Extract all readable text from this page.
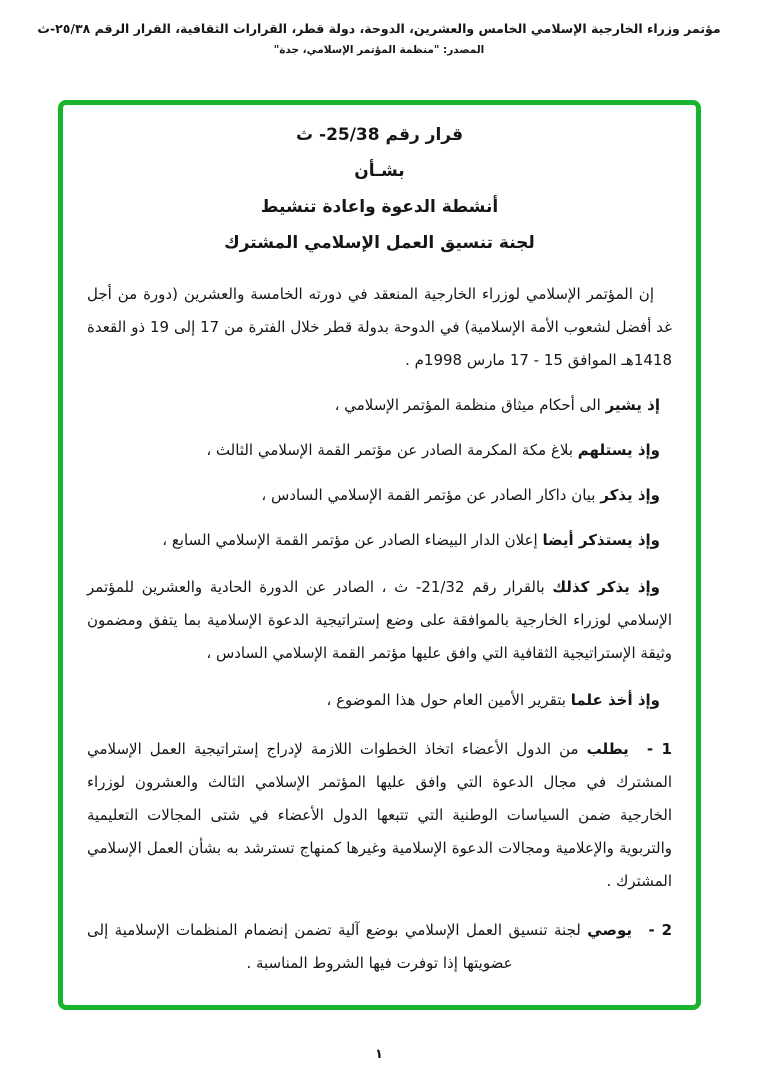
مؤتمر وزراء الخارجية الإسلامي الخامس والعشرين، الدوحة، دولة قطر، القرارات الثقافية، القرار الرقم ٢٥/٣٨-ث
المصدر: "منظمة المؤتمر الإسلامي، جدة"
قرار رقم 25/38- ث
بشـأن
أنشطة الدعوة واعادة تنشيط
لجنة تنسيق العمل الإسلامي المشترك

إن المؤتمر الإسلامي لوزراء الخارجية المنعقد في دورته الخامسة والعشرين (دورة من أجل غد أفضل لشعوب الأمة الإسلامية) في الدوحة بدولة قطر خلال الفترة من 17 إلى 19 ذو القعدة 1418هـ الموافق 15 - 17 مارس 1998م .

إذ يشير الى أحكام ميثاق منظمة المؤتمر الإسلامي ،

وإذ يستلهم بلاغ مكة المكرمة الصادر عن مؤتمر القمة الإسلامي الثالث ،

وإذ يذكر بيان داكار الصادر عن مؤتمر القمة الإسلامي السادس ،

وإذ يستذكر أيضا إعلان الدار البيضاء الصادر عن مؤتمر القمة الإسلامي السابع ،

وإذ يذكر كذلك بالقرار رقم 21/32- ث ، الصادر عن الدورة الحادية والعشرين للمؤتمر الإسلامي لوزراء الخارجية بالموافقة على وضع إستراتيجية الدعوة الإسلامية بما يتفق ومضمون وثيقة الإستراتيجية الثقافية التي وافق عليها مؤتمر القمة الإسلامي السادس ،

وإذ أخذ علما بتقرير الأمين العام حول هذا الموضوع ،

1 - يطلب من الدول الأعضاء اتخاذ الخطوات اللازمة لإدراج إستراتيجية العمل الإسلامي المشترك في مجال الدعوة التي وافق عليها المؤتمر الإسلامي الثالث والعشرون لوزراء الخارجية ضمن السياسات الوطنية التي تتبعها الدول الأعضاء في شتى المجالات التعليمية والتربوية والإعلامية ومجالات الدعوة الإسلامية وغيرها كمنهاج تسترشد به بشأن العمل الإسلامي المشترك .

2 - يوصي لجنة تنسيق العمل الإسلامي بوضع آلية تضمن إنضمام المنظمات الإسلامية إلى عضويتها إذا توفرت فيها الشروط المناسبة .

١
